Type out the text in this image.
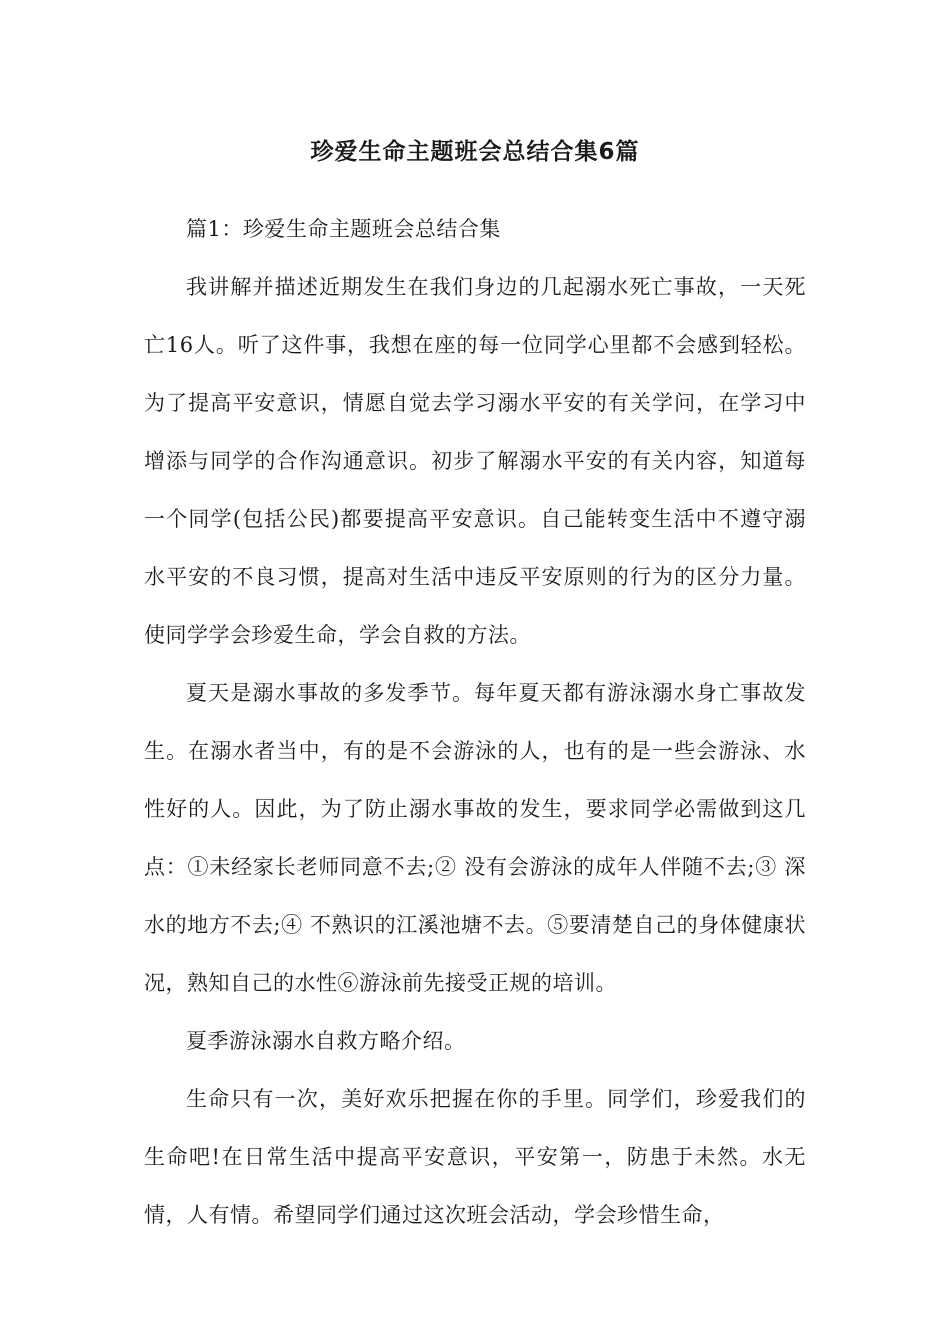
珍爱生命主题班会总结合集6篇

篇1：珍爱生命主题班会总结合集

我讲解并描述近期发生在我们身边的几起溺水死亡事故，一天死亡16人。听了这件事，我想在座的每一位同学心里都不会感到轻松。为了提高平安意识，情愿自觉去学习溺水平安的有关学问，在学习中增添与同学的合作沟通意识。初步了解溺水平安的有关内容，知道每一个同学(包括公民)都要提高平安意识。自己能转变生活中不遵守溺水平安的不良习惯，提高对生活中违反平安原则的行为的区分力量。使同学学会珍爱生命，学会自救的方法。

夏天是溺水事故的多发季节。每年夏天都有游泳溺水身亡事故发生。在溺水者当中，有的是不会游泳的人，也有的是一些会游泳、水性好的人。因此，为了防止溺水事故的发生，要求同学必需做到这几点：①未经家长老师同意不去;② 没有会游泳的成年人伴随不去;③ 深水的地方不去;④ 不熟识的江溪池塘不去。⑤要清楚自己的身体健康状况，熟知自己的水性⑥游泳前先接受正规的培训。

夏季游泳溺水自救方略介绍。

生命只有一次，美好欢乐把握在你的手里。同学们，珍爱我们的生命吧!在日常生活中提高平安意识，平安第一，防患于未然。水无情，人有情。希望同学们通过这次班会活动，学会珍惜生命，
